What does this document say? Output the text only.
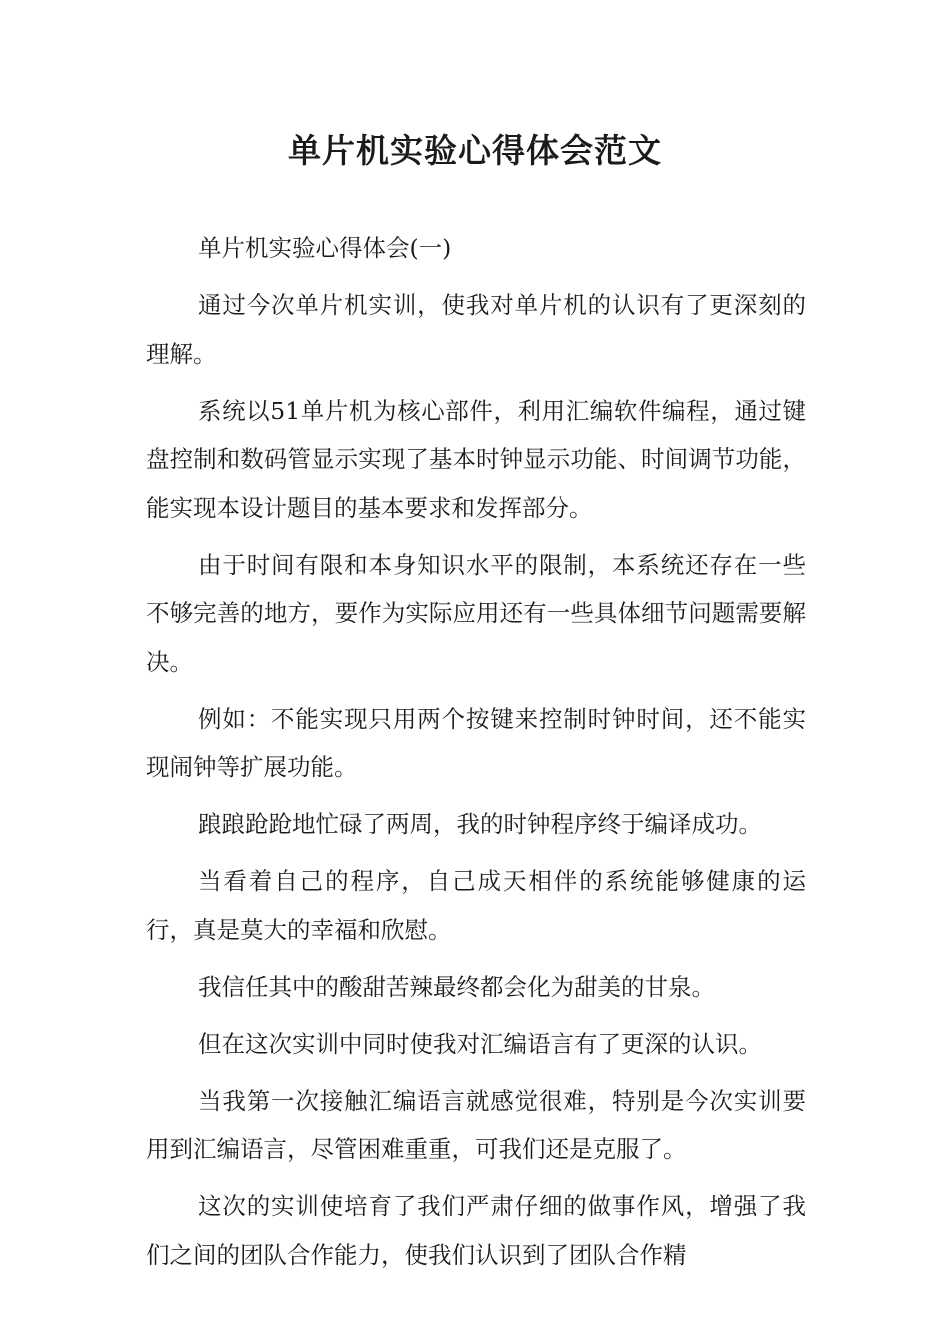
单片机实验心得体会范文

单片机实验心得体会(一)

通过今次单片机实训，使我对单片机的认识有了更深刻的理解。

系统以51单片机为核心部件，利用汇编软件编程，通过键盘控制和数码管显示实现了基本时钟显示功能、时间调节功能，能实现本设计题目的基本要求和发挥部分。

由于时间有限和本身知识水平的限制，本系统还存在一些不够完善的地方，要作为实际应用还有一些具体细节问题需要解决。

例如：不能实现只用两个按键来控制时钟时间，还不能实现闹钟等扩展功能。

踉踉跄跄地忙碌了两周，我的时钟程序终于编译成功。

当看着自己的程序，自己成天相伴的系统能够健康的运行，真是莫大的幸福和欣慰。

我信任其中的酸甜苦辣最终都会化为甜美的甘泉。

但在这次实训中同时使我对汇编语言有了更深的认识。

当我第一次接触汇编语言就感觉很难，特别是今次实训要用到汇编语言，尽管困难重重，可我们还是克服了。

这次的实训使培育了我们严肃仔细的做事作风，增强了我们之间的团队合作能力，使我们认识到了团队合作精
